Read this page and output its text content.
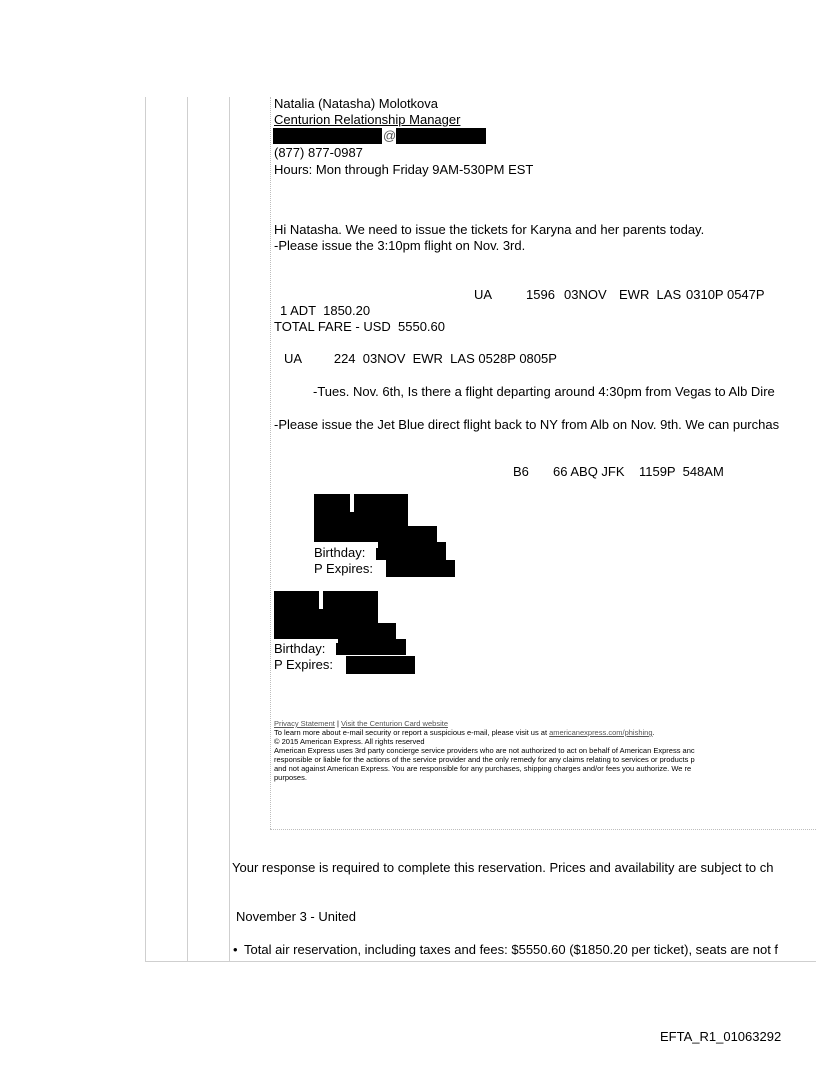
Natalia (Natasha) Molotkova
Centurion Relationship Manager
@
(877) 877-0987
Hours: Mon through Friday 9AM-530PM EST
Hi Natasha. We need to issue the tickets for Karyna and her parents today.
-Please issue the 3:10pm flight on Nov. 3rd.
UA	1596 03NOV EWR  LAS 0310P 0547P
1 ADT  1850.20
TOTAL FARE - USD  5550.60
UA         224  03NOV  EWR  LAS 0528P 0805P
-Tues. Nov. 6th, Is there a flight departing around 4:30pm from Vegas to Alb Dire
-Please issue the Jet Blue direct flight back to NY from Alb on Nov. 9th. We can purchas
B6 66 ABQ JFK    1159P  548AM
Birthday:
P Expires:
Birthday:
P Expires:
Privacy Statement | Visit the Centurion Card website
To learn more about e-mail security or report a suspicious e-mail, please visit us at americanexpress.com/phishing.
© 2015 American Express. All rights reserved
American Express uses 3rd party concierge service providers who are not authorized to act on behalf of American Express anc
responsible or liable for the actions of the service provider and the only remedy for any claims relating to services or products p
and not against American Express. You are responsible for any purchases, shipping charges and/or fees you authorize. We re
purposes.
Your response is required to complete this reservation. Prices and availability are subject to ch
November 3 - United
• Total air reservation, including taxes and fees: $5550.60 ($1850.20 per ticket), seats are not f
EFTA_R1_01063292
